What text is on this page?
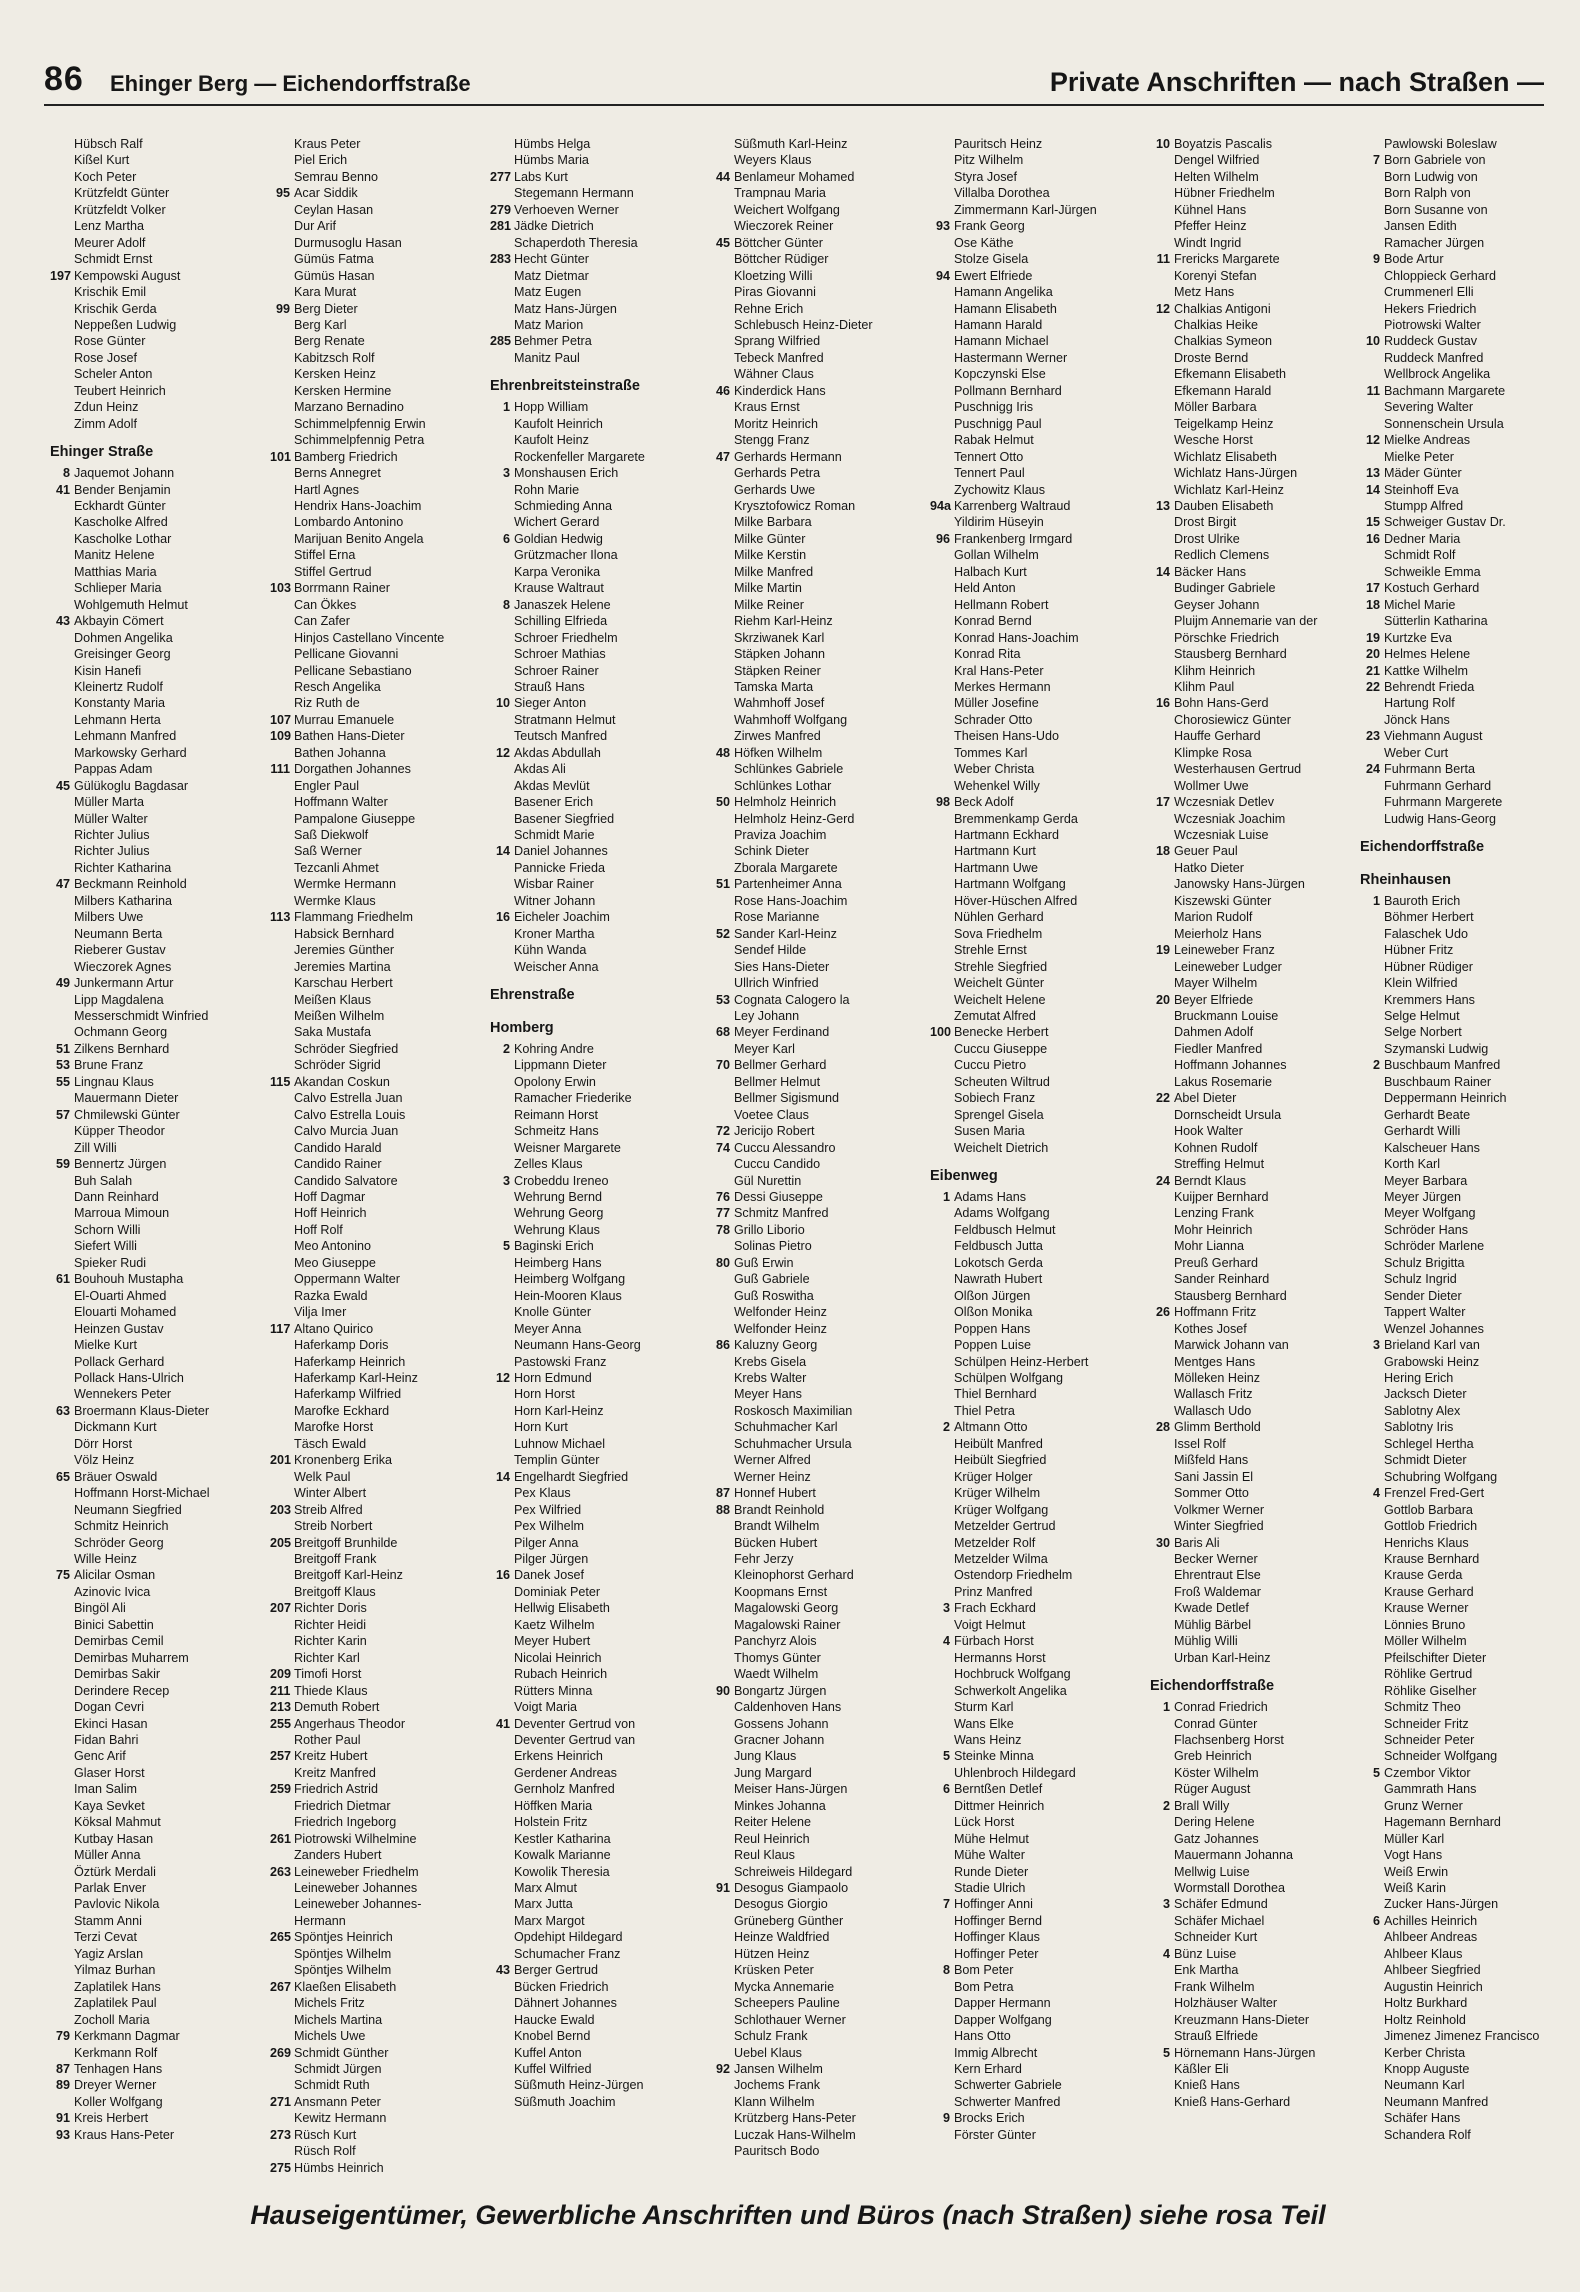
86 Ehinger Berg — Eichendorffstraße	Private Anschriften — nach Straßen —
Hübsch Ralf
Kißel Kurt
Koch Peter
Krützfeldt Günter
Krützfeldt Volker
Lenz Martha
Meurer Adolf
Schmidt Ernst
197 Kempowski August
Krischik Emil
Krischik Gerda
Neppeßen Ludwig
Rose Günter
Rose Josef
Scheler Anton
Teubert Heinrich
Zdun Heinz
Zimm Adolf
Ehinger Straße
8 Jaquemot Johann
41 Bender Benjamin
Eckhardt Günter
Kascholke Alfred
Kascholke Lothar
Manitz Helene
Matthias Maria
Schlieper Maria
Wohlgemuth Helmut
43 Akbayin Cömert
Dohmen Angelika
Greisinger Georg
Kisin Hanefi
Kleinertz Rudolf
Konstanty Maria
Lehmann Herta
Lehmann Manfred
Markowsky Gerhard
Pappas Adam
45 Gülükoglu Bagdasar
Müller Marta
Müller Walter
Richter Julius
Richter Julius
Richter Katharina
47 Beckmann Reinhold
Milbers Katharina
Milbers Uwe
Neumann Berta
Rieberer Gustav
Wieczorek Agnes
49 Junkermann Artur
Lipp Magdalena
Messerschmidt Winfried
Ochmann Georg
51 Zilkens Bernhard
53 Brune Franz
55 Lingnau Klaus
Mauermann Dieter
57 Chmilewski Günter
Küpper Theodor
Zill Willi
59 Bennertz Jürgen
Buh Salah
Dann Reinhard
Marroua Mimoun
Schorn Willi
Siefert Willi
Spieker Rudi
61 Bouhouh Mustapha
El-Ouarti Ahmed
Elouarti Mohamed
Heinzen Gustav
Mielke Kurt
Pollack Gerhard
Pollack Hans-Ulrich
Wennekers Peter
63 Broermann Klaus-Dieter
Dickmann Kurt
Dörr Horst
Völz Heinz
65 Bräuer Oswald
Hoffmann Horst-Michael
Neumann Siegfried
Schmitz Heinrich
Schröder Georg
Wille Heinz
75 Alicilar Osman
Azinovic Ivica
Bingöl Ali
Binici Sabettin
Demirbas Cemil
Demirbas Muharrem
Demirbas Sakir
Derindere Recep
Dogan Cevri
Ekinci Hasan
Fidan Bahri
Genc Arif
Glaser Horst
Iman Salim
Kaya Sevket
Köksal Mahmut
Kutbay Hasan
Müller Anna
Öztürk Merdali
Parlak Enver
Pavlovic Nikola
Stamm Anni
Terzi Cevat
Yagiz Arslan
Yilmaz Burhan
Zaplatilek Hans
Zaplatilek Paul
Zocholl Maria
79 Kerkmann Dagmar
Kerkmann Rolf
87 Tenhagen Hans
89 Dreyer Werner
Koller Wolfgang
91 Kreis Herbert
93 Kraus Hans-Peter
Kraus Peter
Piel Erich
Semrau Benno
95 Acar Siddik
Ceylan Hasan
Dur Arif
Durmusoglu Hasan
Gümüs Fatma
Gümüs Hasan
Kara Murat
99 Berg Dieter
Berg Karl
Berg Renate
Kabitzsch Rolf
Kersken Heinz
Kersken Hermine
Marzano Bernadino
Schimmelpfennig Erwin
Schimmelpfennig Petra
101 Bamberg Friedrich
Berns Annegret
Hartl Agnes
Hendrix Hans-Joachim
Lombardo Antonino
Marijuan Benito Angela
Stiffel Erna
Stiffel Gertrud
103 Borrmann Rainer
Can Ökkes
Can Zafer
Hinjos Castellano Vincente
Pellicane Giovanni
Pellicane Sebastiano
Resch Angelika
Riz Ruth de
107 Murrau Emanuele
109 Bathen Hans-Dieter
Bathen Johanna
111 Dorgathen Johannes
Engler Paul
Hoffmann Walter
Pampalone Giuseppe
Saß Diekwolf
Saß Werner
Tezcanli Ahmet
Wermke Hermann
Wermke Klaus
113 Flammang Friedhelm
Habsick Bernhard
Jeremies Günther
Jeremies Martina
Karschau Herbert
Meißen Klaus
Meißen Wilhelm
Saka Mustafa
Schröder Siegfried
Schröder Sigrid
115 Akandan Coskun
Calvo Estrella Juan
Calvo Estrella Louis
Calvo Murcia Juan
Candido Harald
Candido Rainer
Candido Salvatore
Hoff Dagmar
Hoff Heinrich
Hoff Rolf
Meo Antonino
Meo Giuseppe
Oppermann Walter
Razka Ewald
Vilja Imer
117 Altano Quirico
Haferkamp Doris
Haferkamp Heinrich
Haferkamp Karl-Heinz
Haferkamp Wilfried
Marofke Eckhard
Marofke Horst
Täsch Ewald
201 Kronenberg Erika
Welk Paul
Winter Albert
203 Streib Alfred
Streib Norbert
205 Breitgoff Brunhilde
Breitgoff Frank
Breitgoff Karl-Heinz
Breitgoff Klaus
207 Richter Doris
Richter Heidi
Richter Karin
Richter Karl
209 Timofi Horst
211 Thiede Klaus
213 Demuth Robert
255 Angerhaus Theodor
Rother Paul
257 Kreitz Hubert
Kreitz Manfred
259 Friedrich Astrid
Friedrich Dietmar
Friedrich Ingeborg
261 Piotrowski Wilhelmine
Zanders Hubert
263 Leineweber Friedhelm
Leineweber Johannes
Leineweber Johannes-
Hermann
265 Spöntjes Heinrich
Spöntjes Wilhelm
Spöntjes Wilhelm
267 Klaeßen Elisabeth
Michels Fritz
Michels Martina
Michels Uwe
269 Schmidt Günther
Schmidt Jürgen
Schmidt Ruth
271 Ansmann Peter
Kewitz Hermann
273 Rüsch Kurt
Rüsch Rolf
275 Hümbs Heinrich
Hümbs Helga
Hümbs Maria
277 Labs Kurt
Stegemann Hermann
279 Verhoeven Werner
281 Jädke Dietrich
Schaperdoth Theresia
283 Hecht Günter
Matz Dietmar
Matz Eugen
Matz Hans-Jürgen
Matz Marion
285 Behmer Petra
Manitz Paul
Ehrenbreitsteinstraße
1 Hopp William
Kaufolt Heinrich
Kaufolt Heinz
Rockenfeller Margarete
3 Monshausen Erich
Rohn Marie
Schmieding Anna
Wichert Gerard
6 Goldian Hedwig
Grützmacher Ilona
Karpa Veronika
Krause Waltraut
8 Janaszek Helene
Schilling Elfrieda
Schroer Friedhelm
Schroer Mathias
Schroer Rainer
Strauß Hans
10 Sieger Anton
Stratmann Helmut
Teutsch Manfred
12 Akdas Abdullah
Akdas Ali
Akdas Mevlüt
Basener Erich
Basener Siegfried
Schmidt Marie
14 Daniel Johannes
Pannicke Frieda
Wisbar Rainer
Witner Johann
16 Eicheler Joachim
Kroner Martha
Kühn Wanda
Weischer Anna
Ehrenstraße
Homberg
2 Kohring Andre
Lippmann Dieter
Opolony Erwin
Ramacher Friederike
Reimann Horst
Schmeitz Hans
Weisner Margarete
Zelles Klaus
3 Crobeddu Ireneo
Wehrung Bernd
Wehrung Georg
Wehrung Klaus
5 Baginski Erich
Heimberg Hans
Heimberg Wolfgang
Hein-Mooren Klaus
Knolle Günter
Meyer Anna
Neumann Hans-Georg
Pastowski Franz
12 Horn Edmund
Horn Horst
Horn Karl-Heinz
Horn Kurt
Luhnow Michael
Templin Günter
14 Engelhardt Siegfried
Pex Klaus
Pex Wilfried
Pex Wilhelm
Pilger Anna
Pilger Jürgen
16 Danek Josef
Dominiak Peter
Hellwig Elisabeth
Kaetz Wilhelm
Meyer Hubert
Nicolai Heinrich
Rubach Heinrich
Rütters Minna
Voigt Maria
41 Deventer Gertrud von
Deventer Gertrud van
Erkens Heinrich
Gerdener Andreas
Gernholz Manfred
Höffken Maria
Holstein Fritz
Kestler Katharina
Kowalk Marianne
Kowolik Theresia
Marx Almut
Marx Jutta
Marx Margot
Opdehipt Hildegard
Schumacher Franz
43 Berger Gertrud
Bücken Friedrich
Dähnert Johannes
Haucke Ewald
Knobel Bernd
Kuffel Anton
Kuffel Wilfried
Süßmuth Heinz-Jürgen
Süßmuth Joachim
Süßmuth Karl-Heinz
Weyers Klaus
44 Benlameur Mohamed
Trampnau Maria
Weichert Wolfgang
Wieczorek Reiner
45 Böttcher Günter
Böttcher Rüdiger
Kloetzing Willi
Piras Giovanni
Rehne Erich
Schlebusch Heinz-Dieter
Sprang Wilfried
Tebeck Manfred
Wähner Claus
46 Kinderdick Hans
Kraus Ernst
Moritz Heinrich
Stengg Franz
47 Gerhards Hermann
Gerhards Petra
Gerhards Uwe
Krysztofowicz Roman
Milke Barbara
Milke Günter
Milke Kerstin
Milke Manfred
Milke Martin
Milke Reiner
Riehm Karl-Heinz
Skrziwanek Karl
Stäpken Johann
Stäpken Reiner
Tamska Marta
Wahmhoff Josef
Wahmhoff Wolfgang
Zirwes Manfred
48 Höfken Wilhelm
Schlünkes Gabriele
Schlünkes Lothar
50 Helmholz Heinrich
Helmholz Heinz-Gerd
Praviza Joachim
Schink Dieter
Zborala Margarete
51 Partenheimer Anna
Rose Hans-Joachim
Rose Marianne
52 Sander Karl-Heinz
Sendef Hilde
Sies Hans-Dieter
Ullrich Winfried
53 Cognata Calogero la
Ley Johann
68 Meyer Ferdinand
Meyer Karl
70 Bellmer Gerhard
Bellmer Helmut
Bellmer Sigismund
Voetee Claus
72 Jericijo Robert
74 Cuccu Alessandro
Cuccu Candido
Gül Nurettin
76 Dessi Giuseppe
77 Schmitz Manfred
78 Grillo Liborio
Solinas Pietro
80 Guß Erwin
Guß Gabriele
Guß Roswitha
Welfonder Heinz
Welfonder Heinz
86 Kaluzny Georg
Krebs Gisela
Krebs Walter
Meyer Hans
Roskosch Maximilian
Schuhmacher Karl
Schuhmacher Ursula
Werner Alfred
Werner Heinz
87 Honnef Hubert
88 Brandt Reinhold
Brandt Wilhelm
Bücken Hubert
Fehr Jerzy
Kleinophorst Gerhard
Koopmans Ernst
Magalowski Georg
Magalowski Rainer
Panchyrz Alois
Thomys Günter
Waedt Wilhelm
90 Bongartz Jürgen
Caldenhoven Hans
Gossens Johann
Gracner Johann
Jung Klaus
Jung Margard
Meiser Hans-Jürgen
Minkes Johanna
Reiter Helene
Reul Heinrich
Reul Klaus
Schreiweis Hildegard
91 Desogus Giampaolo
Desogus Giorgio
Grüneberg Günther
Heinze Waldfried
Hützen Heinz
Krüsken Peter
Mycka Annemarie
Scheepers Pauline
Schlothauer Werner
Schulz Frank
Uebel Klaus
92 Jansen Wilhelm
Jochems Frank
Klann Wilhelm
Krützberg Hans-Peter
Luczak Hans-Wilhelm
Pauritsch Bodo
Pauritsch Heinz
Pitz Wilhelm
Styra Josef
Villalba Dorothea
Zimmermann Karl-Jürgen
93 Frank Georg
Ose Käthe
Stolze Gisela
94 Ewert Elfriede
Hamann Angelika
Hamann Elisabeth
Hamann Harald
Hamann Michael
Hastermann Werner
Kopczynski Else
Pollmann Bernhard
Puschnigg Iris
Puschnigg Paul
Rabak Helmut
Tennert Otto
Tennert Paul
Zychowitz Klaus
94a Karrenberg Waltraud
Yildirim Hüseyin
96 Frankenberg Irmgard
Gollan Wilhelm
Halbach Kurt
Held Anton
Hellmann Robert
Konrad Bernd
Konrad Hans-Joachim
Konrad Rita
Kral Hans-Peter
Merkes Hermann
Müller Josefine
Schrader Otto
Theisen Hans-Udo
Tommes Karl
Weber Christa
Wehenkel Willy
98 Beck Adolf
Bremmenkamp Gerda
Hartmann Eckhard
Hartmann Kurt
Hartmann Uwe
Hartmann Wolfgang
Höver-Hüschen Alfred
Nühlen Gerhard
Sova Friedhelm
Strehle Ernst
Strehle Siegfried
Weichelt Günter
Weichelt Helene
Zemutat Alfred
100 Benecke Herbert
Cuccu Giuseppe
Cuccu Pietro
Scheuten Wiltrud
Sobiech Franz
Sprengel Gisela
Susen Maria
Weichelt Dietrich
Eibenweg
1 Adams Hans
Adams Wolfgang
Feldbusch Helmut
Feldbusch Jutta
Lokotsch Gerda
Nawrath Hubert
Olßon Jürgen
Olßon Monika
Poppen Hans
Poppen Luise
Schülpen Heinz-Herbert
Schülpen Wolfgang
Thiel Bernhard
Thiel Petra
2 Altmann Otto
Heibült Manfred
Heibült Siegfried
Krüger Holger
Krüger Wilhelm
Krüger Wolfgang
Metzelder Gertrud
Metzelder Rolf
Metzelder Wilma
Ostendorp Friedhelm
Prinz Manfred
3 Frach Eckhard
Voigt Helmut
4 Fürbach Horst
Hermanns Horst
Hochbruck Wolfgang
Schwerkolt Angelika
Sturm Karl
Wans Elke
Wans Heinz
5 Steinke Minna
Uhlenbroch Hildegard
6 Berntßen Detlef
Dittmer Heinrich
Lück Horst
Mühe Helmut
Mühe Walter
Runde Dieter
Stadie Ulrich
7 Hoffinger Anni
Hoffinger Bernd
Hoffinger Klaus
Hoffinger Peter
8 Bom Peter
Bom Petra
Dapper Hermann
Dapper Wolfgang
Hans Otto
Immig Albrecht
Kern Erhard
Schwerter Gabriele
Schwerter Manfred
9 Brocks Erich
Förster Günter
10 Boyatzis Pascalis
Dengel Wilfried
Helten Wilhelm
Hübner Friedhelm
Kühnel Hans
Pfeffer Heinz
Windt Ingrid
11 Frericks Margarete
Korenyi Stefan
Metz Hans
12 Chalkias Antigoni
Chalkias Heike
Chalkias Symeon
Droste Bernd
Efkemann Elisabeth
Efkemann Harald
Möller Barbara
Teigelkamp Heinz
Wesche Horst
Wichlatz Elisabeth
Wichlatz Hans-Jürgen
Wichlatz Karl-Heinz
13 Dauben Elisabeth
Drost Birgit
Drost Ulrike
Redlich Clemens
14 Bäcker Hans
Budinger Gabriele
Geyser Johann
Pluijm Annemarie van der
Pörschke Friedrich
Stausberg Bernhard
Klihm Heinrich
Klihm Paul
16 Bohn Hans-Gerd
Chorosiewicz Günter
Hauffe Gerhard
Klimpke Rosa
Westerhausen Gertrud
Wollmer Uwe
17 Wczesniak Detlev
Wczesniak Joachim
Wczesniak Luise
18 Geuer Paul
Hatko Dieter
Janowsky Hans-Jürgen
Kiszewski Günter
Marion Rudolf
Meierholz Hans
19 Leineweber Franz
Leineweber Ludger
Mayer Wilhelm
20 Beyer Elfriede
Bruckmann Louise
Dahmen Adolf
Fiedler Manfred
Hoffmann Johannes
Lakus Rosemarie
22 Abel Dieter
Dornscheidt Ursula
Hook Walter
Kohnen Rudolf
Streffing Helmut
24 Berndt Klaus
Kuijper Bernhard
Lenzing Frank
Mohr Heinrich
Mohr Lianna
Preuß Gerhard
Sander Reinhard
Stausberg Bernhard
26 Hoffmann Fritz
Kothes Josef
Marwick Johann van
Mentges Hans
Mölleken Heinz
Wallasch Fritz
Wallasch Udo
28 Glimm Berthold
Issel Rolf
Mißfeld Hans
Sani Jassin El
Sommer Otto
Volkmer Werner
Winter Siegfried
30 Baris Ali
Becker Werner
Ehrentraut Else
Froß Waldemar
Kwade Detlef
Mühlig Bärbel
Mühlig Willi
Urban Karl-Heinz
Eichendorffstraße
1 Conrad Friedrich
Conrad Günter
Flachsenberg Horst
Greb Heinrich
Köster Wilhelm
Rüger August
2 Brall Willy
Dering Helene
Gatz Johannes
Mauermann Johanna
Mellwig Luise
Wormstall Dorothea
3 Schäfer Edmund
Schäfer Michael
Schneider Kurt
4 Bünz Luise
Enk Martha
Frank Wilhelm
Holzhäuser Walter
Kreuzmann Hans-Dieter
Strauß Elfriede
5 Hörnemann Hans-Jürgen
Käßler Eli
Knieß Hans
Knieß Hans-Gerhard
Pawlowski Boleslaw
7 Born Gabriele von
Born Ludwig von
Born Ralph von
Born Susanne von
Jansen Edith
Ramacher Jürgen
9 Bode Artur
Chloppieck Gerhard
Crummenerl Elli
Hekers Friedrich
Piotrowski Walter
10 Ruddeck Gustav
Ruddeck Manfred
Wellbrock Angelika
11 Bachmann Margarete
Severing Walter
Sonnenschein Ursula
12 Mielke Andreas
Mielke Peter
13 Mäder Günter
14 Steinhoff Eva
Stumpp Alfred
15 Schweiger Gustav Dr.
16 Dedner Maria
Schmidt Rolf
Schweikle Emma
17 Kostuch Gerhard
18 Michel Marie
Sütterlin Katharina
19 Kurtzke Eva
20 Helmes Helene
21 Kattke Wilhelm
22 Behrendt Frieda
Hartung Rolf
Jönck Hans
23 Viehmann August
Weber Curt
24 Fuhrmann Berta
Fuhrmann Gerhard
Fuhrmann Margerete
Ludwig Hans-Georg
Eichendorffstraße
Rheinhausen
1 Bauroth Erich
Böhmer Herbert
Falaschek Udo
Hübner Fritz
Hübner Rüdiger
Klein Wilfried
Kremmers Hans
Selge Helmut
Selge Norbert
Szymanski Ludwig
2 Buschbaum Manfred
Buschbaum Rainer
Deppermann Heinrich
Gerhardt Beate
Gerhardt Willi
Kalscheuer Hans
Korth Karl
Meyer Barbara
Meyer Jürgen
Meyer Wolfgang
Schröder Hans
Schröder Marlene
Schulz Brigitta
Schulz Ingrid
Sender Dieter
Tappert Walter
Wenzel Johannes
3 Brieland Karl van
Grabowski Heinz
Hering Erich
Jacksch Dieter
Sablotny Alex
Sablotny Iris
Schlegel Hertha
Schmidt Dieter
Schubring Wolfgang
4 Frenzel Fred-Gert
Gottlob Barbara
Gottlob Friedrich
Henrichs Klaus
Krause Bernhard
Krause Gerda
Krause Gerhard
Krause Werner
Lönnies Bruno
Möller Wilhelm
Pfeilschifter Dieter
Röhlike Gertrud
Röhlike Giselher
Schmitz Theo
Schneider Fritz
Schneider Peter
Schneider Wolfgang
5 Czembor Viktor
Gammrath Hans
Grunz Werner
Hagemann Bernhard
Müller Karl
Vogt Hans
Weiß Erwin
Weiß Karin
Zucker Hans-Jürgen
6 Achilles Heinrich
Ahlbeer Andreas
Ahlbeer Klaus
Ahlbeer Siegfried
Augustin Heinrich
Holtz Burkhard
Holtz Reinhold
Jimenez Jimenez Francisco
Kerber Christa
Knopp Auguste
Neumann Karl
Neumann Manfred
Schäfer Hans
Schandera Rolf
Hauseigentümer, Gewerbliche Anschriften und Büros (nach Straßen) siehe rosa Teil
